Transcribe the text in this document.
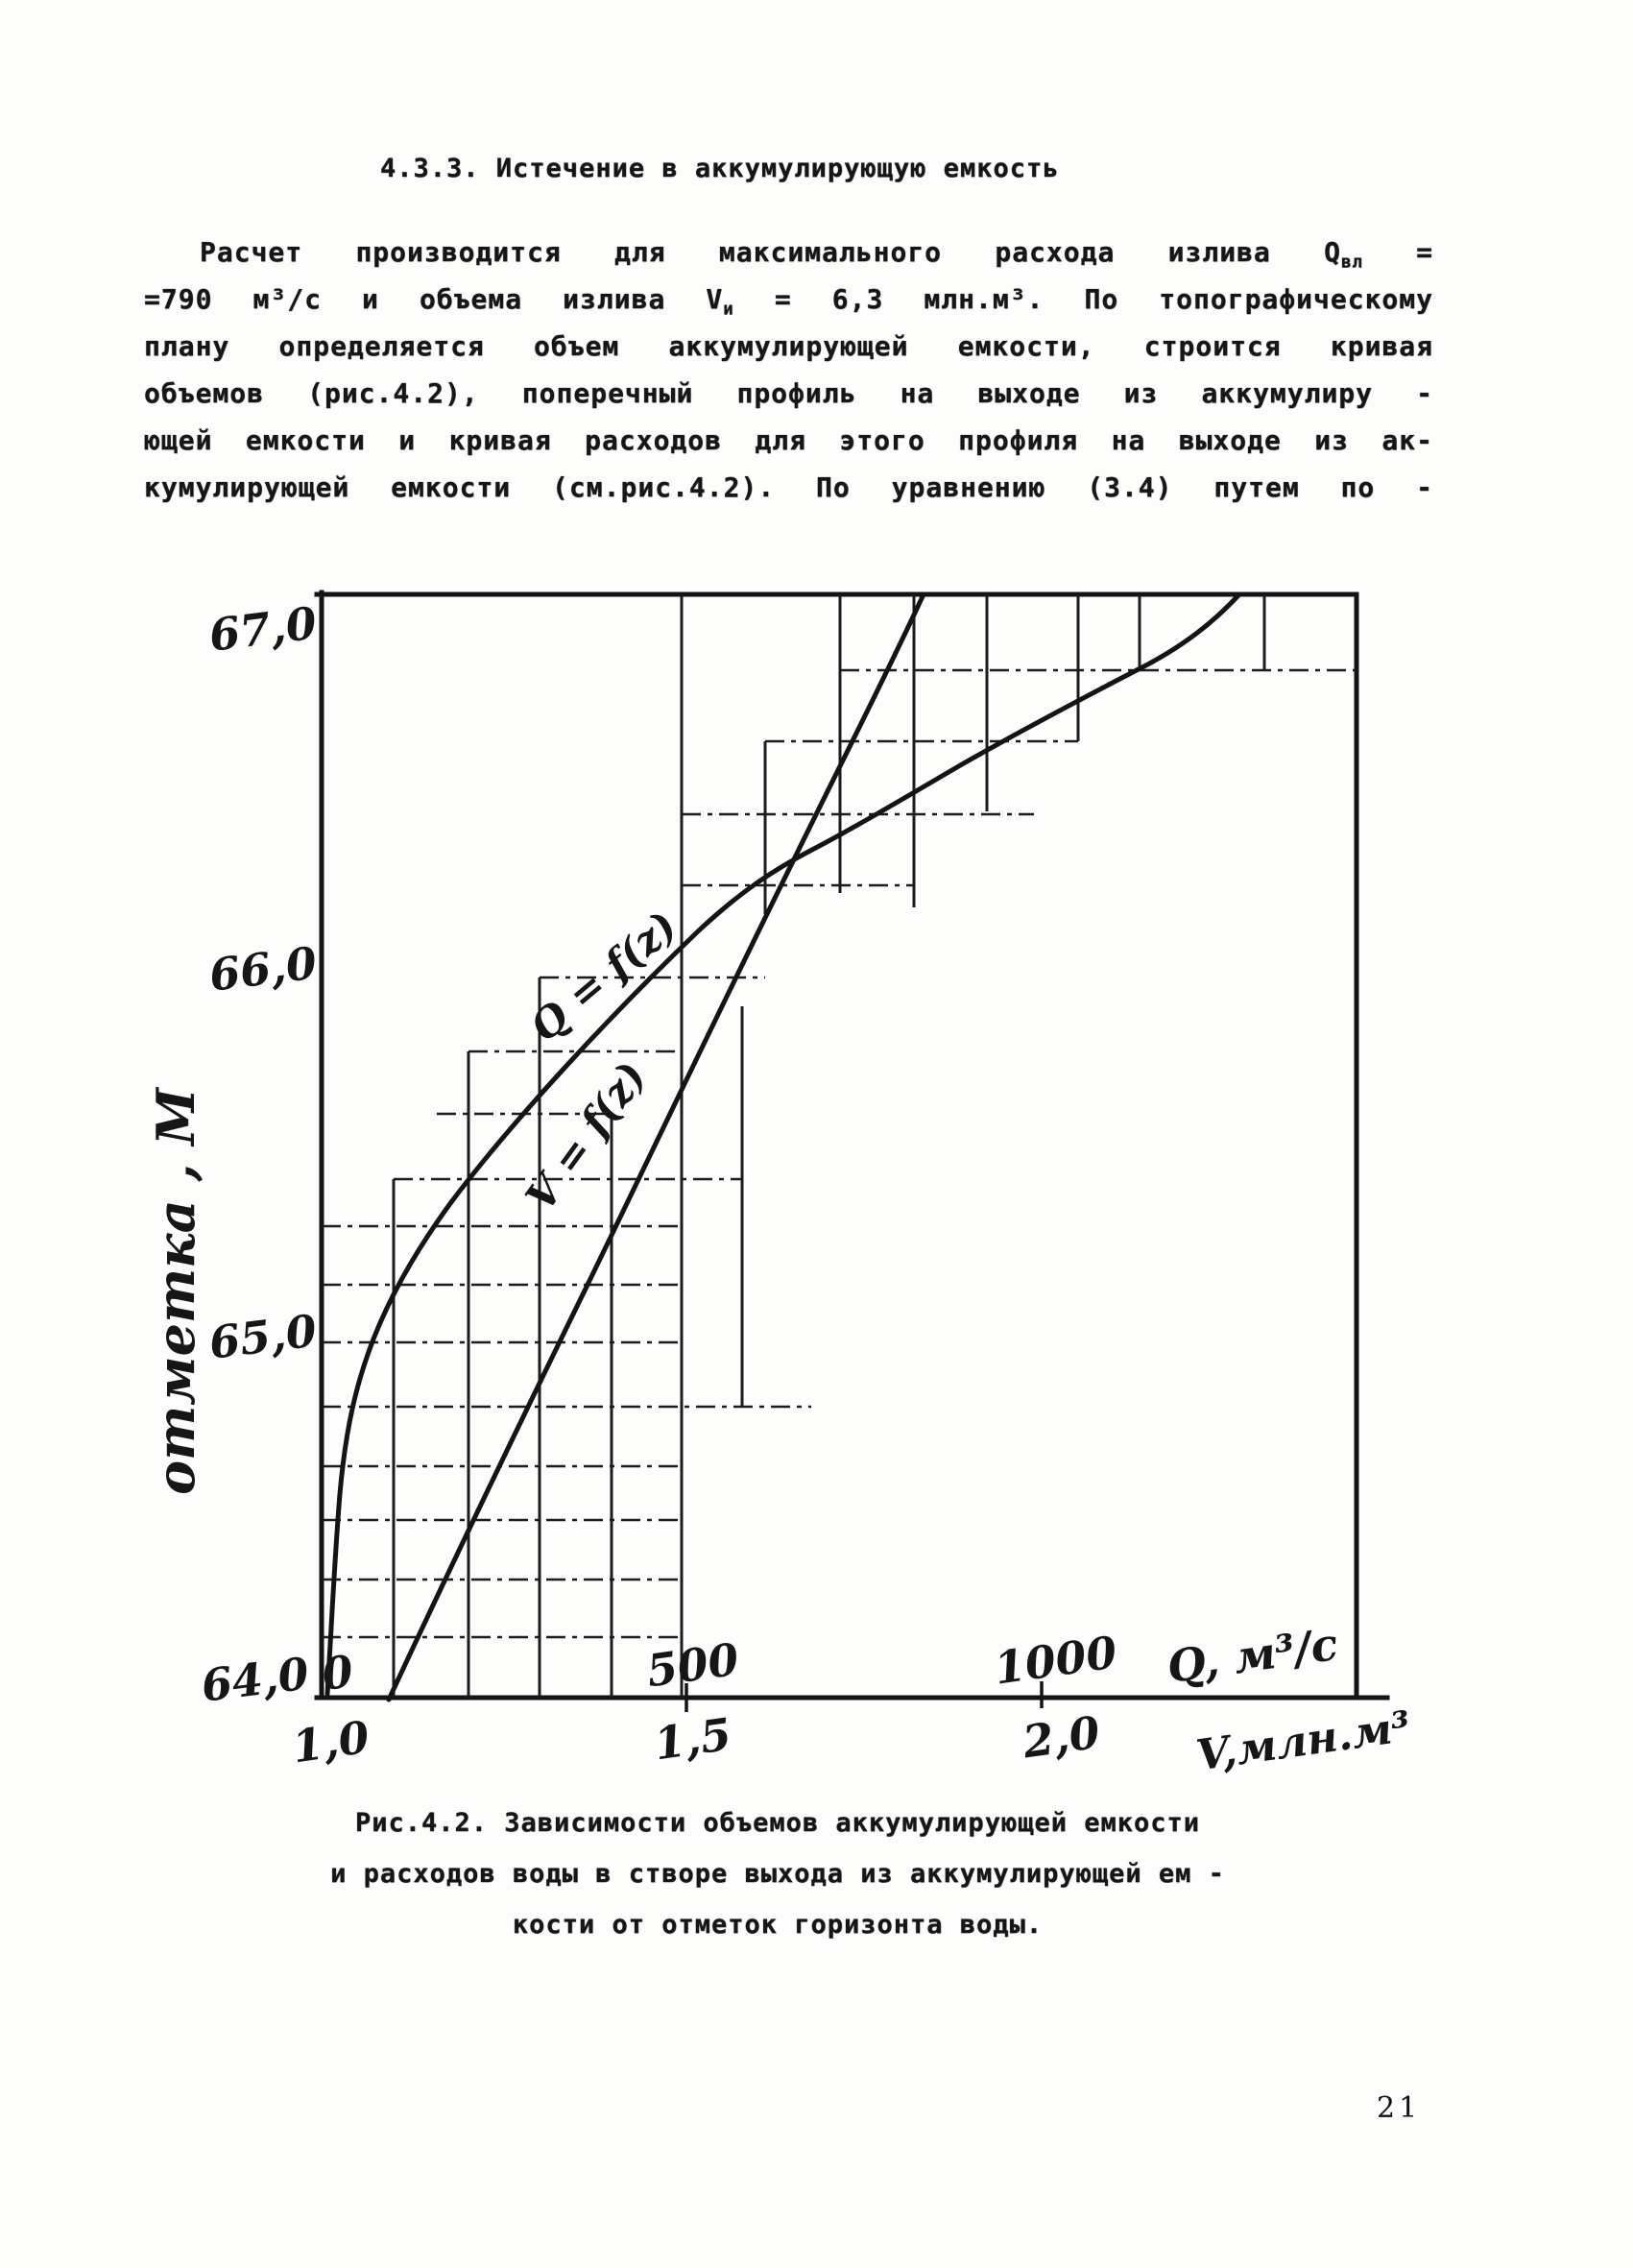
4.3.3. Истечение в аккумулирующую емкость
Расчет производится для максимального расхода излива $Q_{вл}$ =
=790 м³/с и объема излива $V_и = 6,3$ млн.м³. По топографическому
плану определяется объем аккумулирующей емкости, строится кривая
объемов (рис.4.2), поперечный профиль на выходе из аккумулиру -
ющей емкости и кривая расходов для этого профиля на выходе из ак-
кумулирующей емкости (см.рис.4.2). По уравнению (3.4) путем по -
67,0
66,0
65,0
64,0
отметка , М
0	500	1000 Q, м³/с
1,0	1,5	2,0 V,млн.м³
Q = f(z)
V = f(z)
Рис.4.2. Зависимости объемов аккумулирующей емкости
и расходов воды в створе выхода из аккумулирующей ем -
кости от отметок горизонта воды.
21
